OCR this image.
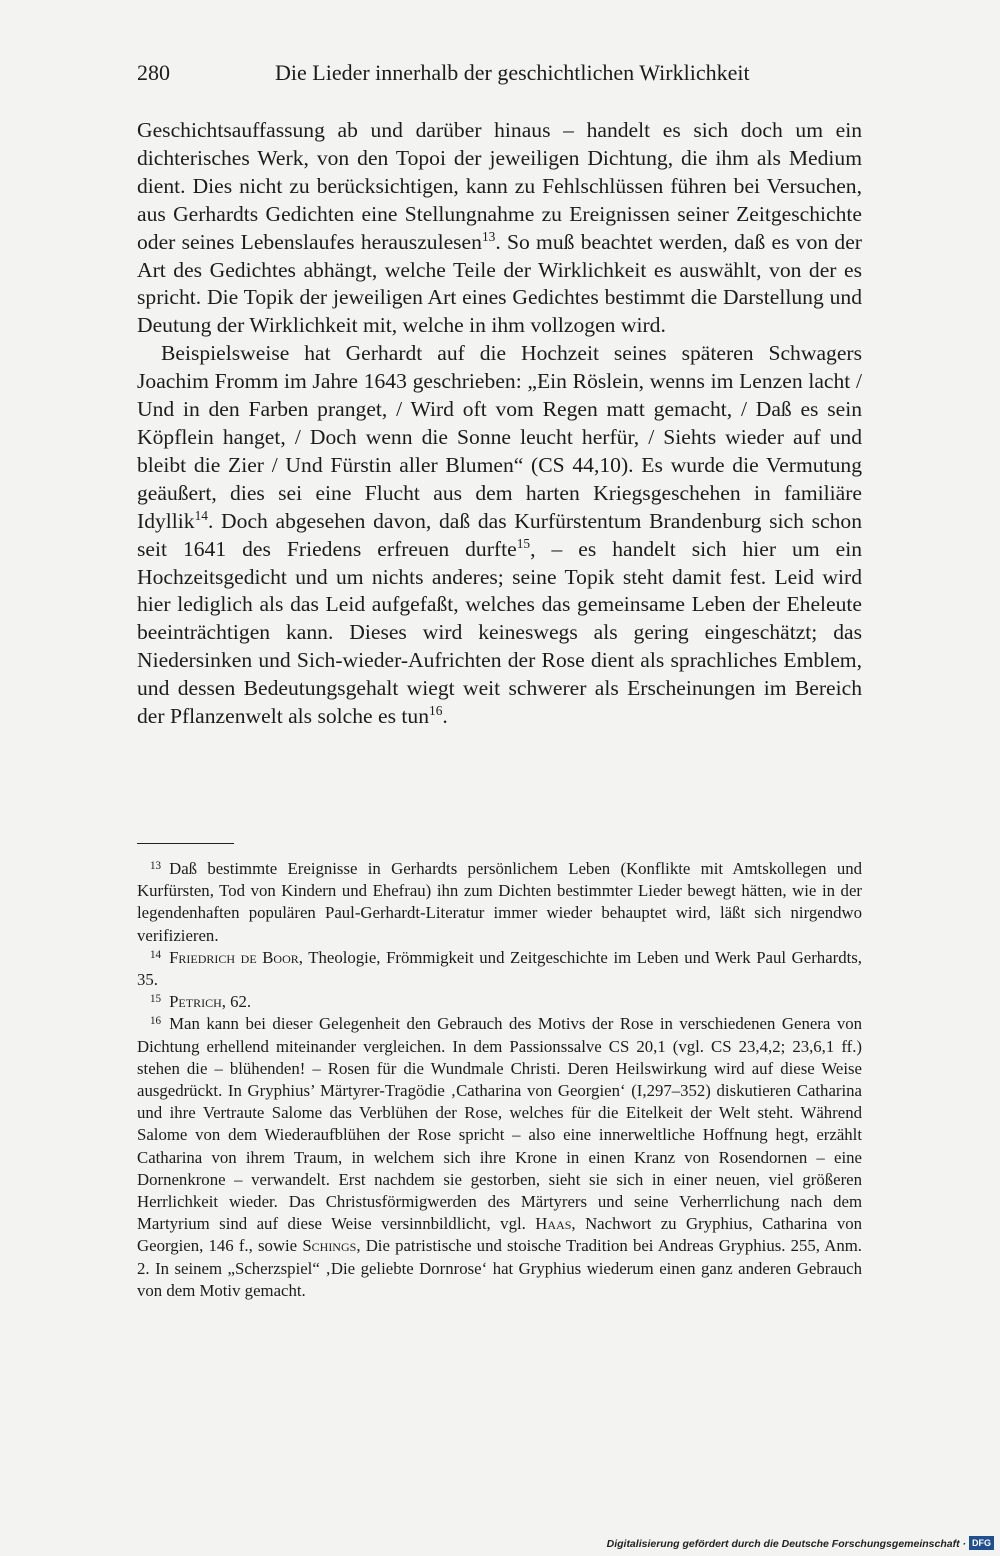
280	Die Lieder innerhalb der geschichtlichen Wirklichkeit

Geschichtsauffassung ab und darüber hinaus – handelt es sich doch um ein dichterisches Werk, von den Topoi der jeweiligen Dichtung, die ihm als Medium dient. Dies nicht zu berücksichtigen, kann zu Fehlschlüssen führen bei Versuchen, aus Gerhardts Gedichten eine Stellungnahme zu Ereignissen seiner Zeitgeschichte oder seines Lebenslaufes herauszulesen$^{13}$. So muß beachtet werden, daß es von der Art des Gedichtes abhängt, welche Teile der Wirklichkeit es auswählt, von der es spricht. Die Topik der jeweiligen Art eines Gedichtes bestimmt die Darstellung und Deutung der Wirklichkeit mit, welche in ihm vollzogen wird.

Beispielsweise hat Gerhardt auf die Hochzeit seines späteren Schwagers Joachim Fromm im Jahre 1643 geschrieben: „Ein Röslein, wenns im Lenzen lacht / Und in den Farben pranget, / Wird oft vom Regen matt gemacht, / Daß es sein Köpflein hanget, / Doch wenn die Sonne leucht herfür, / Siehts wieder auf und bleibt die Zier / Und Fürstin aller Blumen“ (CS 44,10). Es wurde die Vermutung geäußert, dies sei eine Flucht aus dem harten Kriegsgeschehen in familiäre Idyllik$^{14}$. Doch abgesehen davon, daß das Kurfürstentum Brandenburg sich schon seit 1641 des Friedens erfreuen durfte$^{15}$, – es handelt sich hier um ein Hochzeitsgedicht und um nichts anderes; seine Topik steht damit fest. Leid wird hier lediglich als das Leid aufgefaßt, welches das gemeinsame Leben der Eheleute beeinträchtigen kann. Dieses wird keineswegs als gering eingeschätzt; das Niedersinken und Sich-wieder-Aufrichten der Rose dient als sprachliches Emblem, und dessen Bedeutungsgehalt wiegt weit schwerer als Erscheinungen im Bereich der Pflanzenwelt als solche es tun$^{16}$.

$^{13}$ Daß bestimmte Ereignisse in Gerhardts persönlichem Leben (Konflikte mit Amtskollegen und Kurfürsten, Tod von Kindern und Ehefrau) ihn zum Dichten bestimmter Lieder bewegt hätten, wie in der legendenhaften populären Paul-Gerhardt-Literatur immer wieder behauptet wird, läßt sich nirgendwo verifizieren.

$^{14}$ Friedrich de Boor, Theologie, Frömmigkeit und Zeitgeschichte im Leben und Werk Paul Gerhardts, 35.

$^{15}$ Petrich, 62.

$^{16}$ Man kann bei dieser Gelegenheit den Gebrauch des Motivs der Rose in verschiedenen Genera von Dichtung erhellend miteinander vergleichen. In dem Passionssalve CS 20,1 (vgl. CS 23,4,2; 23,6,1 ff.) stehen die – blühenden! – Rosen für die Wundmale Christi. Deren Heilswirkung wird auf diese Weise ausgedrückt. In Gryphius’ Märtyrer-Tragödie ‚Catharina von Georgien‘ (I,297–352) diskutieren Catharina und ihre Vertraute Salome das Verblühen der Rose, welches für die Eitelkeit der Welt steht. Während Salome von dem Wiederaufblühen der Rose spricht – also eine innerweltliche Hoffnung hegt, erzählt Catharina von ihrem Traum, in welchem sich ihre Krone in einen Kranz von Rosendornen – eine Dornenkrone – verwandelt. Erst nachdem sie gestorben, sieht sie sich in einer neuen, viel größeren Herrlichkeit wieder. Das Christusförmigwerden des Märtyrers und seine Verherrlichung nach dem Martyrium sind auf diese Weise versinnbildlicht, vgl. Haas, Nachwort zu Gryphius, Catharina von Georgien, 146 f., sowie Schings, Die patristische und stoische Tradition bei Andreas Gryphius. 255, Anm. 2. In seinem „Scherzspiel“ ‚Die geliebte Dornrose‘ hat Gryphius wiederum einen ganz anderen Gebrauch von dem Motiv gemacht.

Digitalisierung gefördert durch die Deutsche Forschungsgemeinschaft · DFG
